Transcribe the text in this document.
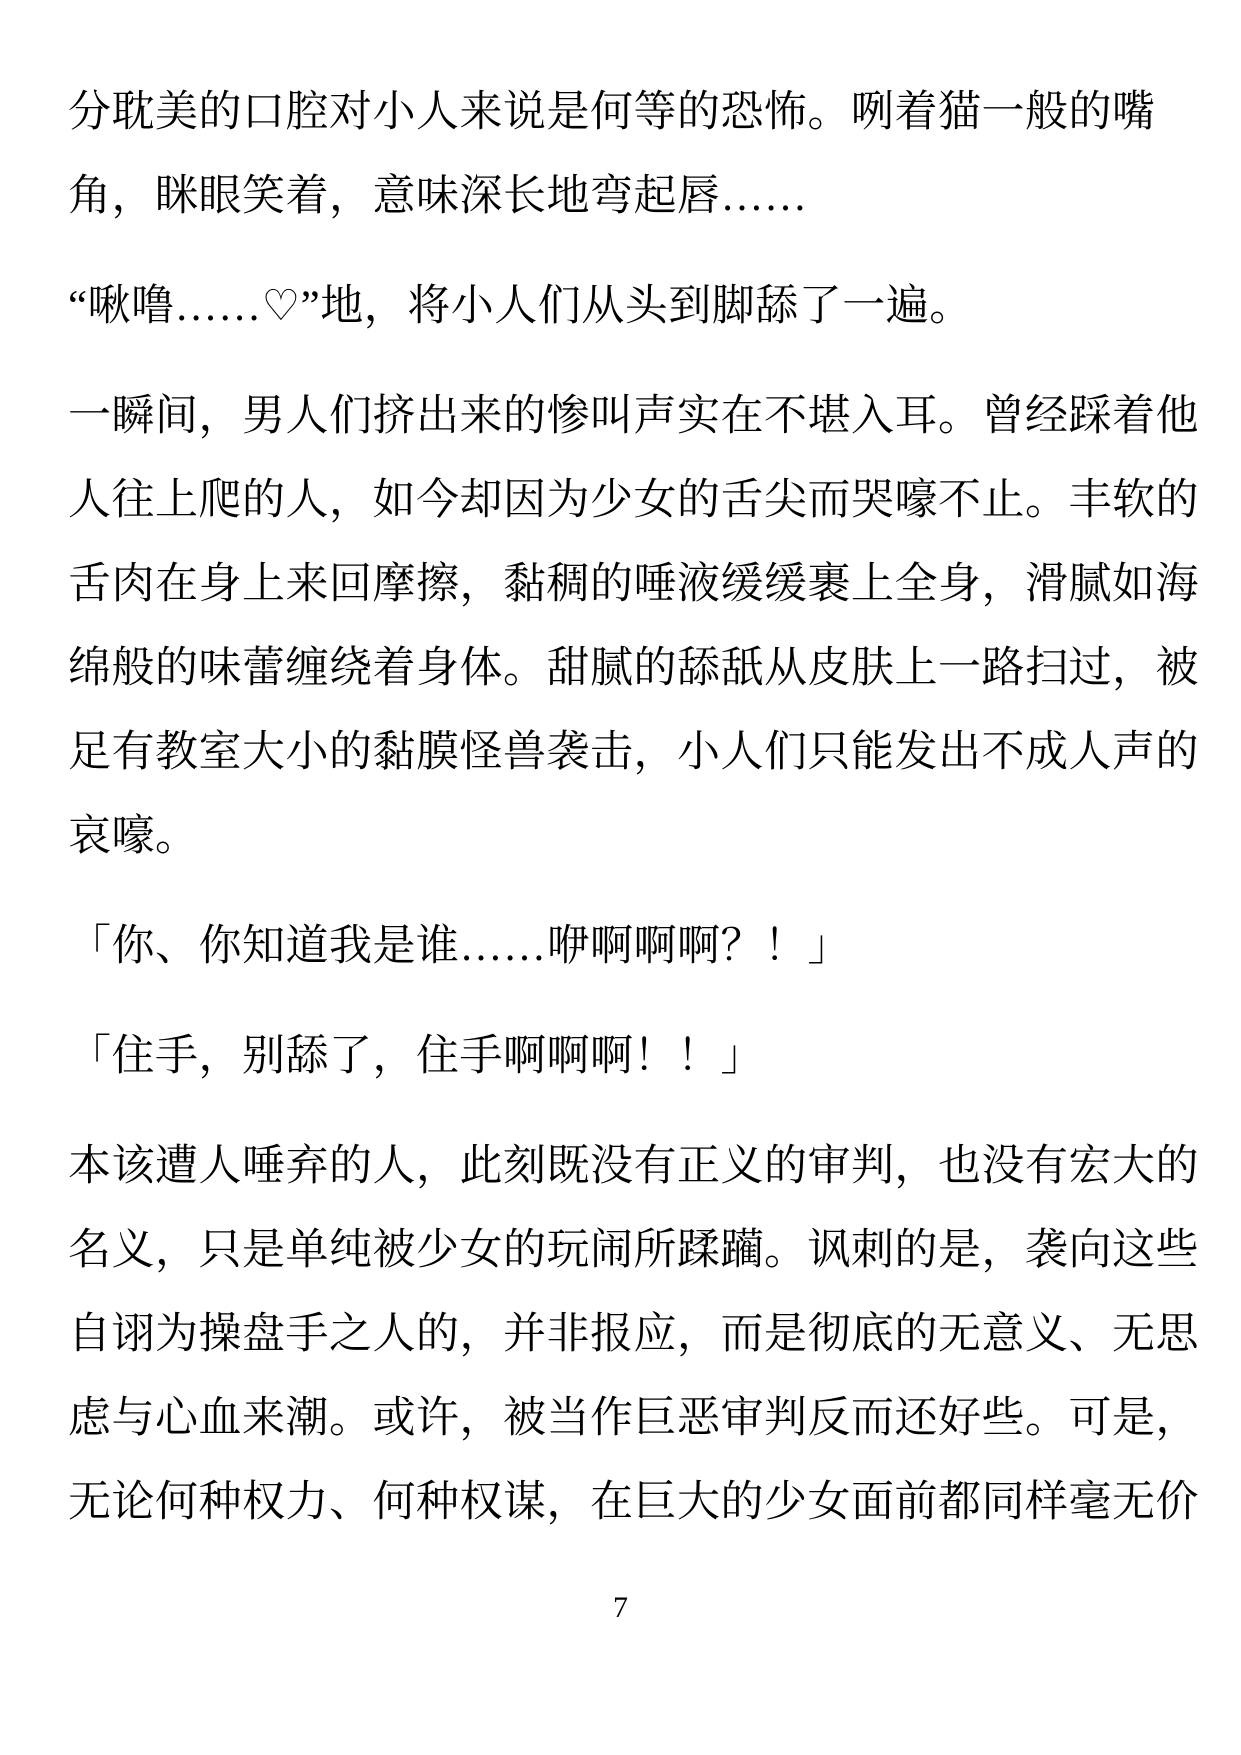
分耽美的口腔对小人来说是何等的恐怖。咧着猫一般的嘴
角，眯眼笑着，意味深长地弯起唇……
“啾噜……♡”地，将小人们从头到脚舔了一遍。
一瞬间，男人们挤出来的惨叫声实在不堪入耳。曾经踩着他
人往上爬的人，如今却因为少女的舌尖而哭嚎不止。丰软的
舌肉在身上来回摩擦，黏稠的唾液缓缓裹上全身，滑腻如海
绵般的味蕾缠绕着身体。甜腻的舔舐从皮肤上一路扫过，被
足有教室大小的黏膜怪兽袭击，小人们只能发出不成人声的
哀嚎。
「你、你知道我是谁……咿啊啊啊？！」
「住手，别舔了，住手啊啊啊！！」
本该遭人唾弃的人，此刻既没有正义的审判，也没有宏大的
名义，只是单纯被少女的玩闹所蹂躏。讽刺的是，袭向这些
自诩为操盘手之人的，并非报应，而是彻底的无意义、无思
虑与心血来潮。或许，被当作巨恶审判反而还好些。可是，
无论何种权力、何种权谋，在巨大的少女面前都同样毫无价
7
